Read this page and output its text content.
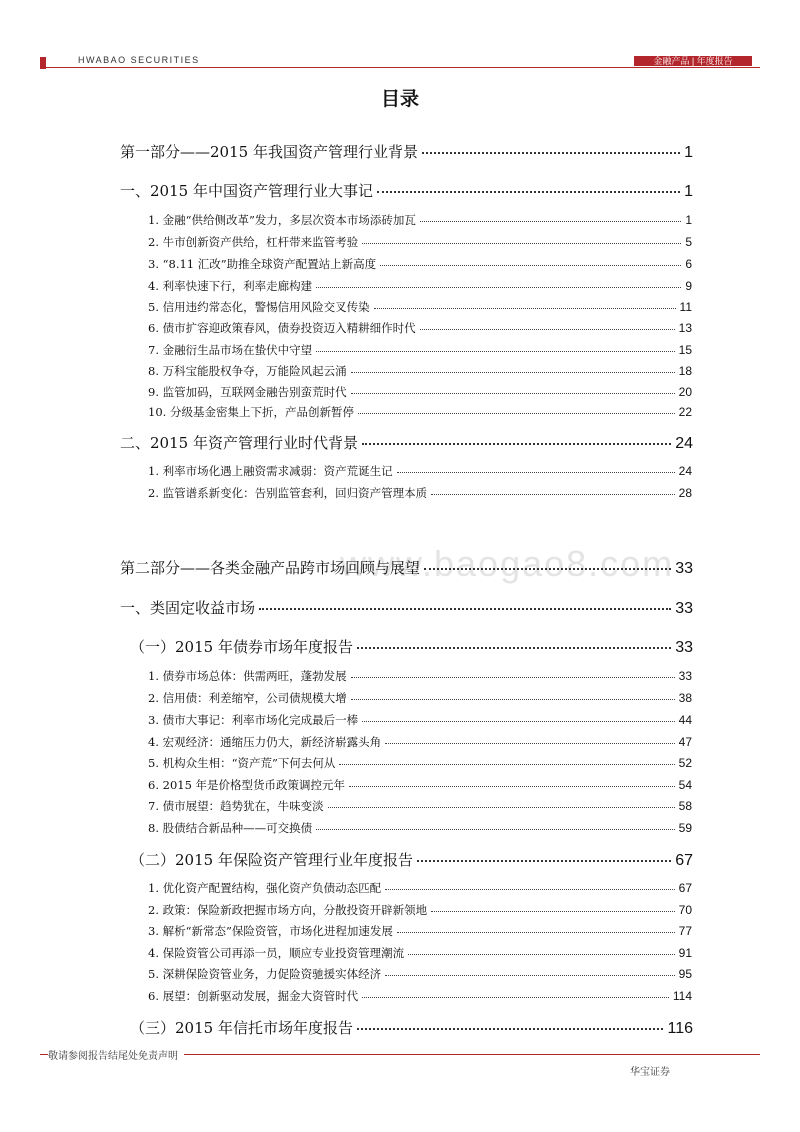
HWABAO SECURITIES	金融产品 | 年度报告
目录
www.baogao8.com
第一部分——2015 年我国资产管理行业背景	1
一、2015 年中国资产管理行业大事记	1
1. 金融“供给侧改革”发力，多层次资本市场添砖加瓦	1
2. 牛市创新资产供给，杠杆带来监管考验	5
3. “8.11 汇改”助推全球资产配置站上新高度	6
4. 利率快速下行，利率走廊构建	9
5. 信用违约常态化，警惕信用风险交叉传染	11
6. 债市扩容迎政策春风，债券投资迈入精耕细作时代	13
7. 金融衍生品市场在蛰伏中守望	15
8. 万科宝能股权争夺，万能险风起云涌	18
9. 监管加码，互联网金融告别蛮荒时代	20
10. 分级基金密集上下折，产品创新暂停	22
二、2015 年资产管理行业时代背景	24
1. 利率市场化遇上融资需求减弱：资产荒诞生记	24
2. 监管谱系新变化：告别监管套利，回归资产管理本质	28
第二部分——各类金融产品跨市场回顾与展望	33
一、类固定收益市场	33
（一）2015 年债券市场年度报告	33
1. 债券市场总体：供需两旺，蓬勃发展	33
2. 信用债：利差缩窄，公司债规模大增	38
3. 债市大事记：利率市场化完成最后一棒	44
4. 宏观经济：通缩压力仍大，新经济崭露头角	47
5. 机构众生相：“资产荒”下何去何从	52
6. 2015 年是价格型货币政策调控元年	54
7. 债市展望：趋势犹在，牛味变淡	58
8. 股债结合新品种——可交换债	59
（二）2015 年保险资产管理行业年度报告	67
1. 优化资产配置结构，强化资产负债动态匹配	67
2. 政策：保险新政把握市场方向，分散投资开辟新领地	70
3. 解析“新常态”保险资管，市场化进程加速发展	77
4. 保险资管公司再添一员，顺应专业投资管理潮流	91
5. 深耕保险资管业务，力促险资驰援实体经济	95
6. 展望：创新驱动发展，掘金大资管时代	114
（三）2015 年信托市场年度报告	116
敬请参阅报告结尾处免责声明
华宝证券
